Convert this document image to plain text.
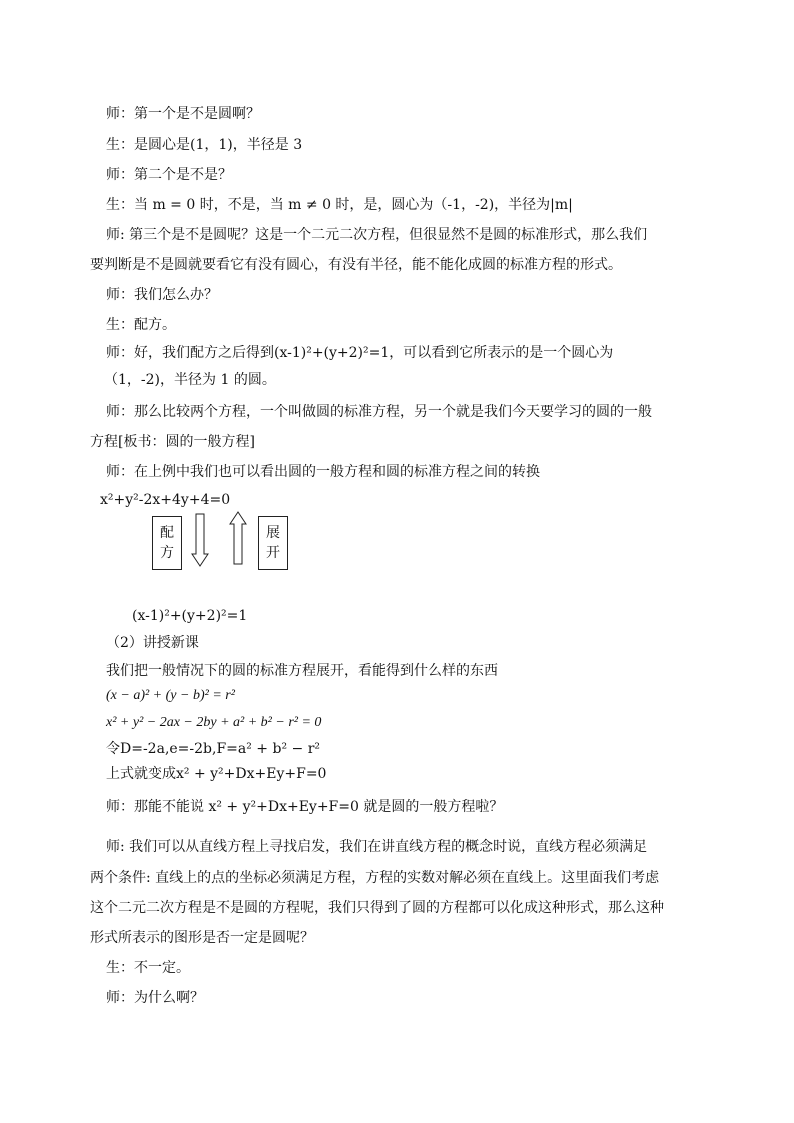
师：第一个是不是圆啊？
生：是圆心是(1，1)，半径是 3
师：第二个是不是？
生：当 m = 0 时，不是，当 m ≠ 0 时，是，圆心为（-1，-2)，半径为|m|
师: 第三个是不是圆呢？这是一个二元二次方程，但很显然不是圆的标准形式，那么我们
要判断是不是圆就要看它有没有圆心，有没有半径，能不能化成圆的标准方程的形式。
师：我们怎么办？
生：配方。
师：好，我们配方之后得到(x-1)²+(y+2)²=1，可以看到它所表示的是一个圆心为
（1，-2)，半径为 1 的圆。
师：那么比较两个方程，一个叫做圆的标准方程，另一个就是我们今天要学习的圆的一般
方程[板书：圆的一般方程]
师：在上例中我们也可以看出圆的一般方程和圆的标准方程之间的转换
x²+y²-2x+4y+4=0
配
方
展
开
(x-1)²+(y+2)²=1
（2）讲授新课
我们把一般情况下的圆的标准方程展开，看能得到什么样的东西
(x − a)² + (y − b)² = r²
x² + y² − 2ax − 2by + a² + b² − r² = 0
令D=-2a,e=-2b,F=a² + b² − r²
上式就变成x² + y²+Dx+Ey+F=0
师：那能不能说 x² + y²+Dx+Ey+F=0 就是圆的一般方程啦？
师: 我们可以从直线方程上寻找启发，我们在讲直线方程的概念时说，直线方程必须满足
两个条件: 直线上的点的坐标必须满足方程，方程的实数对解必须在直线上。这里面我们考虑
这个二元二次方程是不是圆的方程呢，我们只得到了圆的方程都可以化成这种形式，那么这种
形式所表示的图形是否一定是圆呢？
生：不一定。
师：为什么啊？
